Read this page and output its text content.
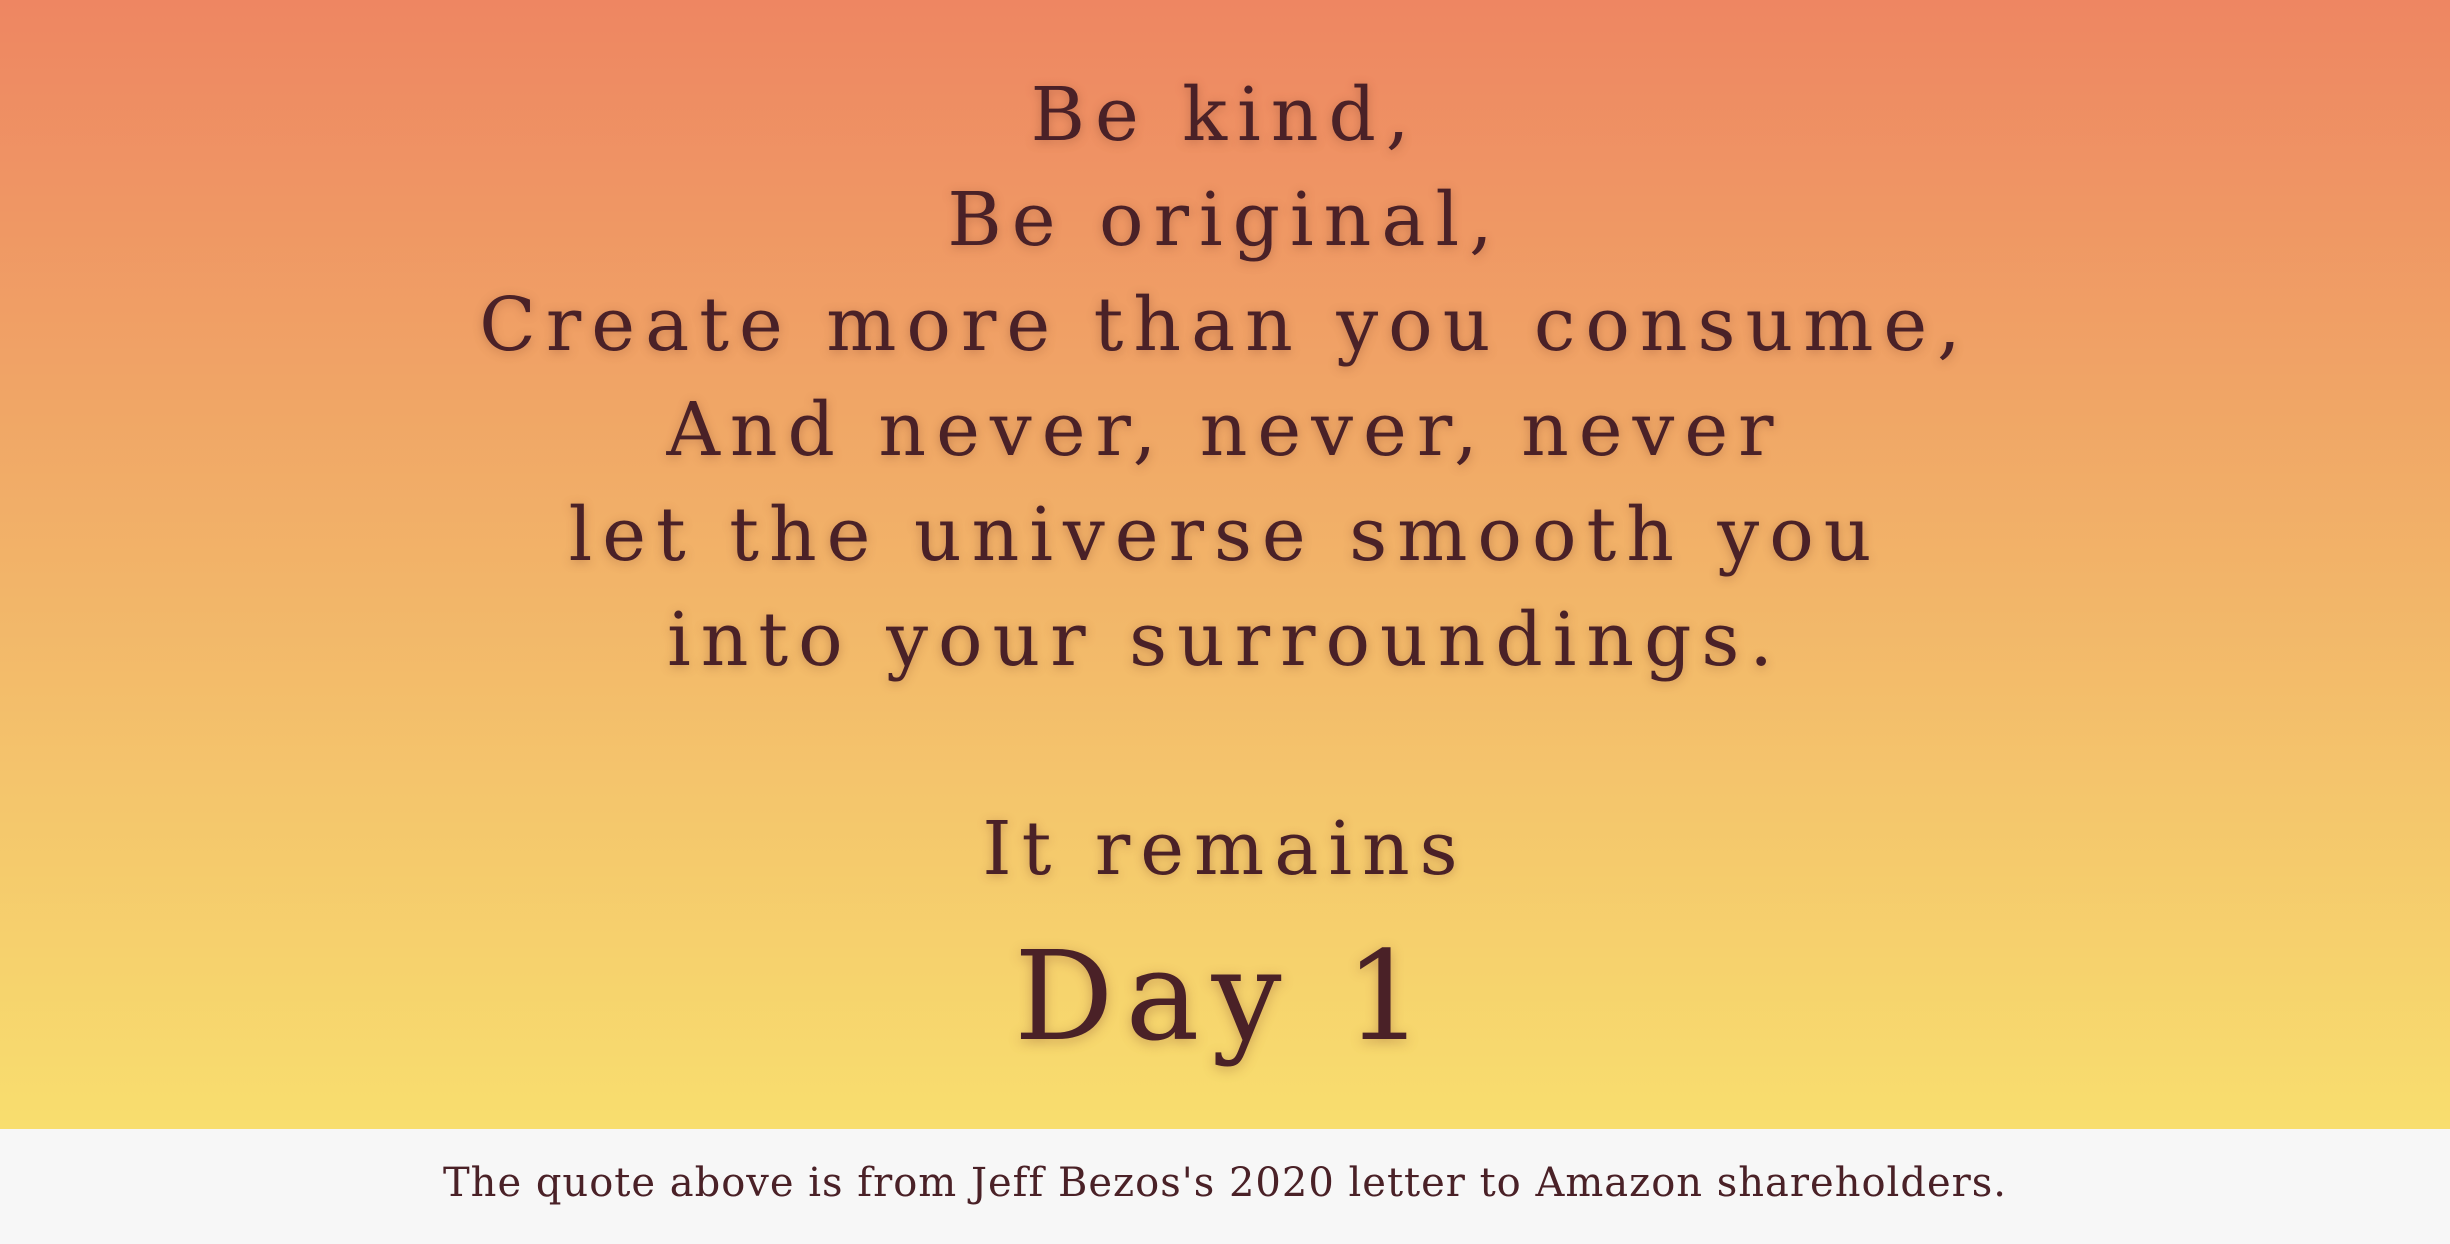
Be kind,
Be original,
Create more than you consume,
And never, never, never
let the universe smooth you
into your surroundings.
It remains
Day 1
The quote above is from Jeff Bezos's 2020 letter to Amazon shareholders.
